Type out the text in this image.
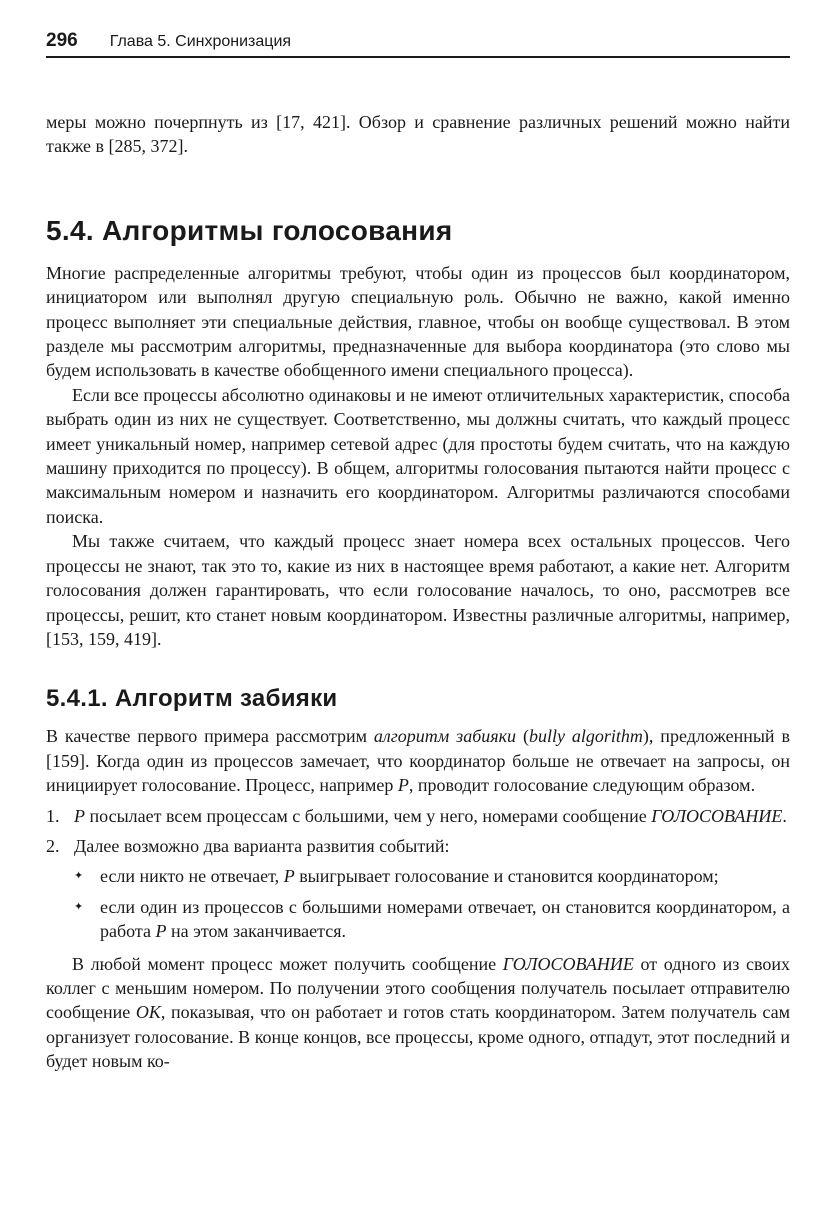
296 Глава 5. Синхронизация

меры можно почерпнуть из [17, 421]. Обзор и сравнение различных решений можно найти также в [285, 372].

5.4. Алгоритмы голосования

Многие распределенные алгоритмы требуют, чтобы один из процессов был координатором, инициатором или выполнял другую специальную роль. Обычно не важно, какой именно процесс выполняет эти специальные действия, главное, чтобы он вообще существовал. В этом разделе мы рассмотрим алгоритмы, предназначенные для выбора координатора (это слово мы будем использовать в качестве обобщенного имени специального процесса).

Если все процессы абсолютно одинаковы и не имеют отличительных характеристик, способа выбрать один из них не существует. Соответственно, мы должны считать, что каждый процесс имеет уникальный номер, например сетевой адрес (для простоты будем считать, что на каждую машину приходится по процессу). В общем, алгоритмы голосования пытаются найти процесс с максимальным номером и назначить его координатором. Алгоритмы различаются способами поиска.

Мы также считаем, что каждый процесс знает номера всех остальных процессов. Чего процессы не знают, так это то, какие из них в настоящее время работают, а какие нет. Алгоритм голосования должен гарантировать, что если голосование началось, то оно, рассмотрев все процессы, решит, кто станет новым координатором. Известны различные алгоритмы, например, [153, 159, 419].

5.4.1. Алгоритм забияки

В качестве первого примера рассмотрим алгоритм забияки (bully algorithm), предложенный в [159]. Когда один из процессов замечает, что координатор больше не отвечает на запросы, он инициирует голосование. Процесс, например P, проводит голосование следующим образом.

1. P посылает всем процессам с большими, чем у него, номерами сообщение ГОЛОСОВАНИЕ.

2. Далее возможно два варианта развития событий:

✦ если никто не отвечает, P выигрывает голосование и становится координатором;

✦ если один из процессов с большими номерами отвечает, он становится координатором, а работа P на этом заканчивается.

В любой момент процесс может получить сообщение ГОЛОСОВАНИЕ от одного из своих коллег с меньшим номером. По получении этого сообщения получатель посылает отправителю сообщение OK, показывая, что он работает и готов стать координатором. Затем получатель сам организует голосование. В конце концов, все процессы, кроме одного, отпадут, этот последний и будет новым ко-
